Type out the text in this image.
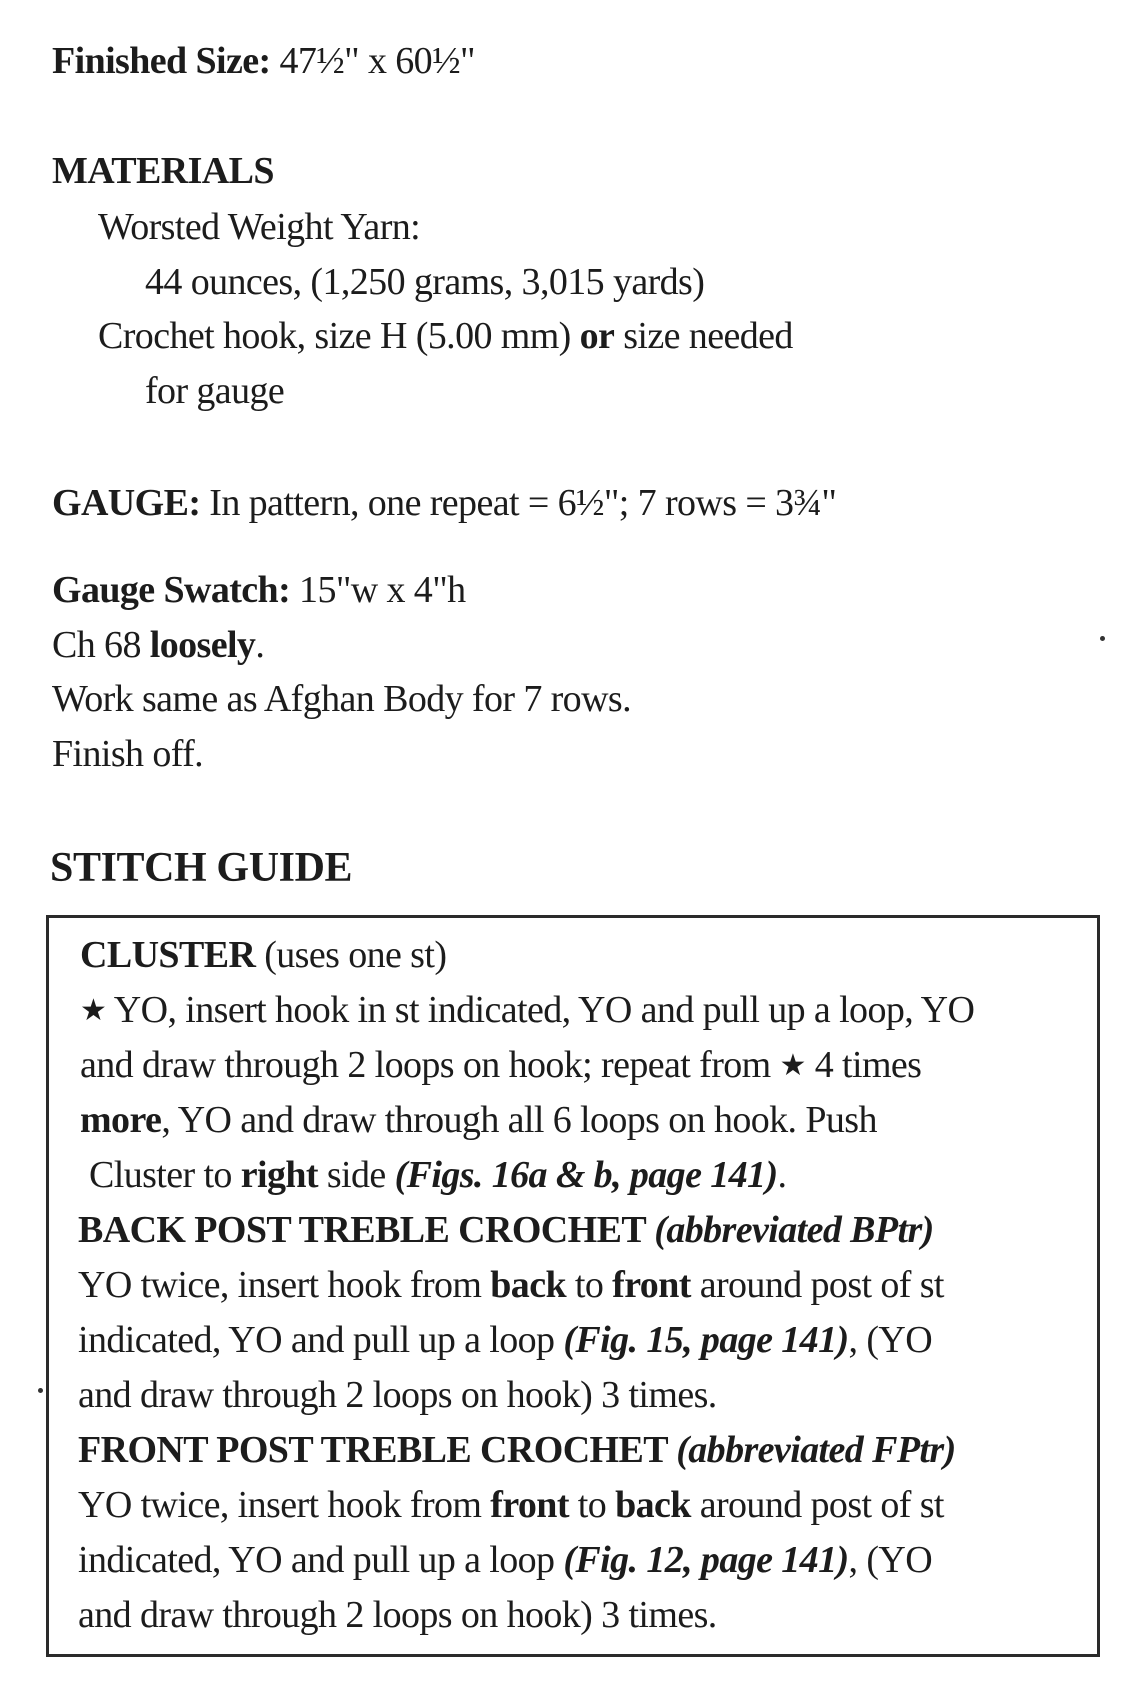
Finished Size: 47½" x 60½"
MATERIALS
Worsted Weight Yarn:
44 ounces, (1,250 grams, 3,015 yards)
Crochet hook, size H (5.00 mm) or size needed
for gauge
GAUGE: In pattern, one repeat = 6½"; 7 rows = 3¾"
Gauge Swatch: 15"w x 4"h
Ch 68 loosely.
Work same as Afghan Body for 7 rows.
Finish off.
STITCH GUIDE
CLUSTER (uses one st)
★ YO, insert hook in st indicated, YO and pull up a loop, YO
and draw through 2 loops on hook; repeat from ★ 4 times
more, YO and draw through all 6 loops on hook. Push
Cluster to right side (Figs. 16a & b, page 141).
BACK POST TREBLE CROCHET (abbreviated BPtr)
YO twice, insert hook from back to front around post of st
indicated, YO and pull up a loop (Fig. 15, page 141), (YO
and draw through 2 loops on hook) 3 times.
FRONT POST TREBLE CROCHET (abbreviated FPtr)
YO twice, insert hook from front to back around post of st
indicated, YO and pull up a loop (Fig. 12, page 141), (YO
and draw through 2 loops on hook) 3 times.
